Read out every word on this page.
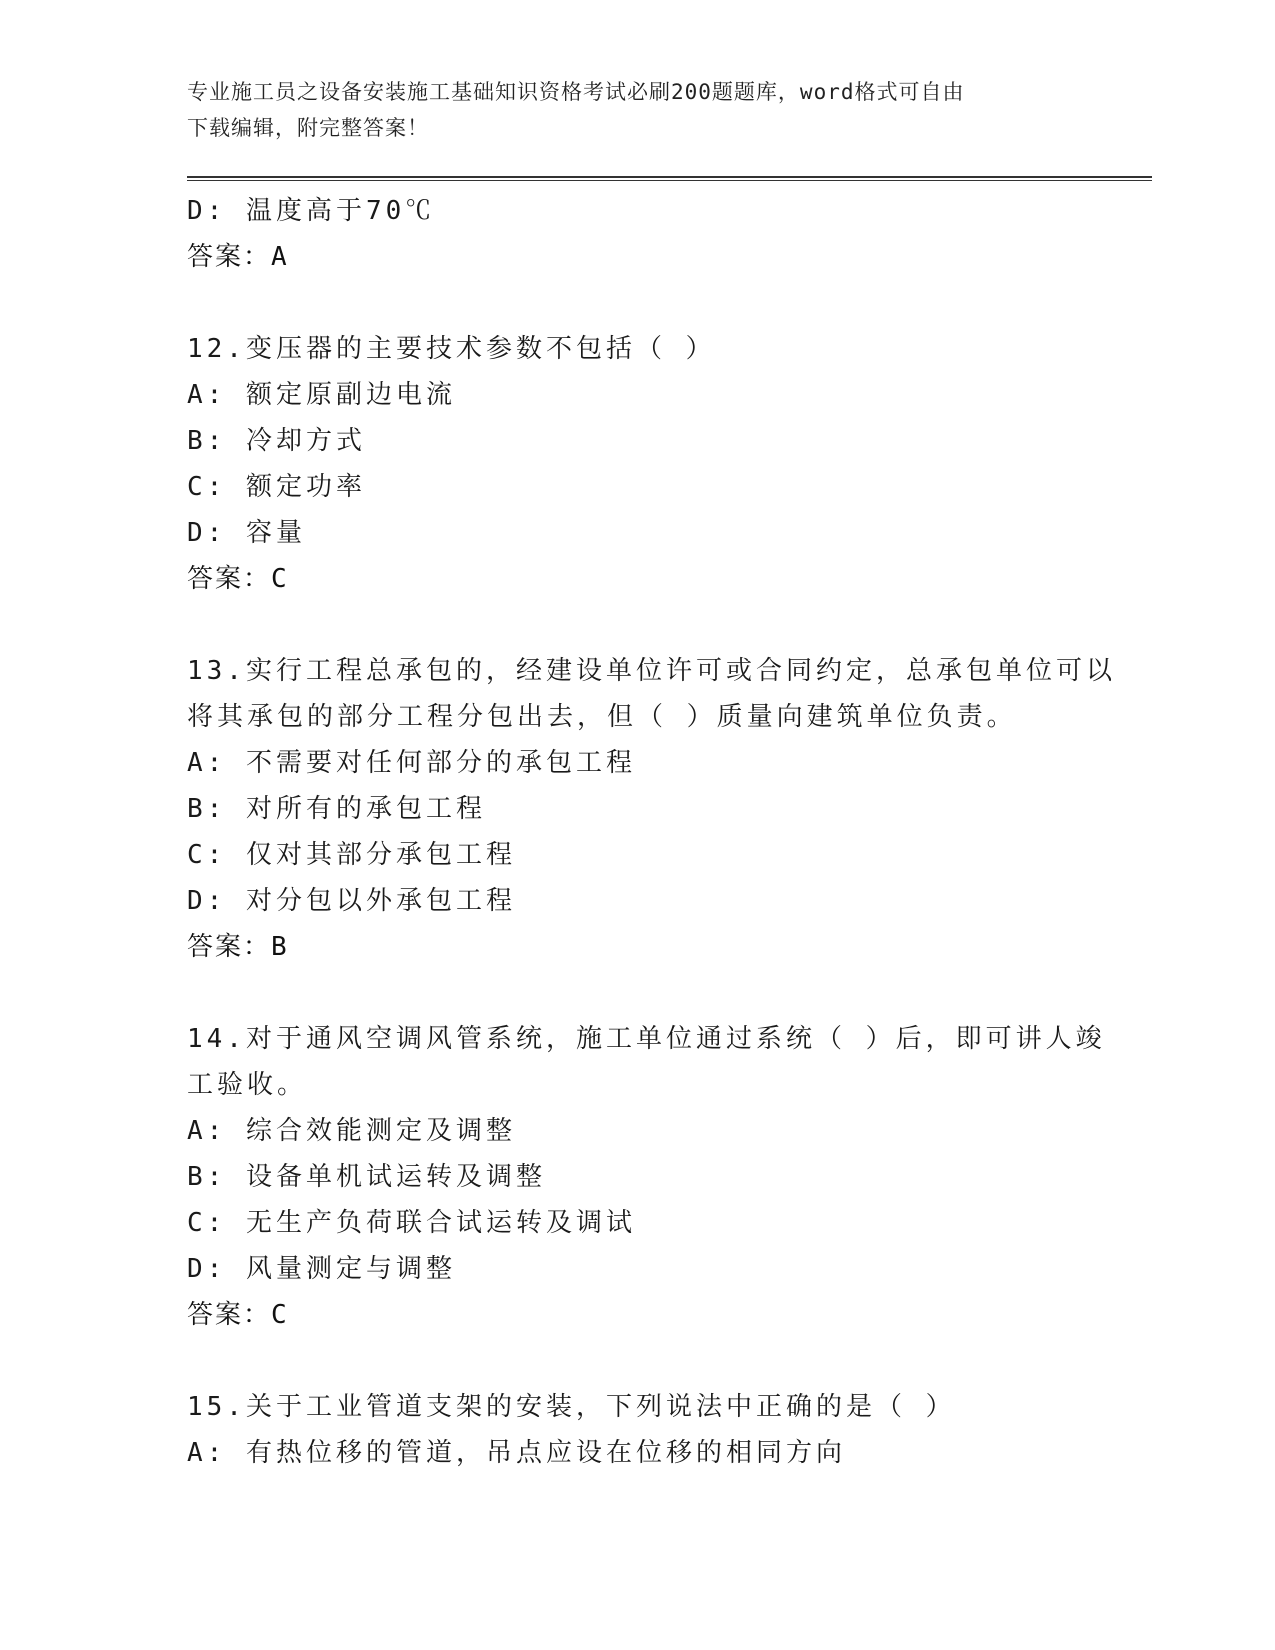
专业施工员之设备安装施工基础知识资格考试必刷200题题库，word格式可自由
下载编辑，附完整答案！
D: 温度高于70℃
答案：A
12.变压器的主要技术参数不包括（ ）
A: 额定原副边电流
B: 冷却方式
C: 额定功率
D: 容量
答案：C
13.实行工程总承包的，经建设单位许可或合同约定，总承包单位可以
将其承包的部分工程分包出去，但（ ）质量向建筑单位负责。
A: 不需要对任何部分的承包工程
B: 对所有的承包工程
C: 仅对其部分承包工程
D: 对分包以外承包工程
答案：B
14.对于通风空调风管系统，施工单位通过系统（ ）后，即可讲人竣
工验收。
A: 综合效能测定及调整
B: 设备单机试运转及调整
C: 无生产负荷联合试运转及调试
D: 风量测定与调整
答案：C
15.关于工业管道支架的安装，下列说法中正确的是（ ）
A: 有热位移的管道，吊点应设在位移的相同方向
